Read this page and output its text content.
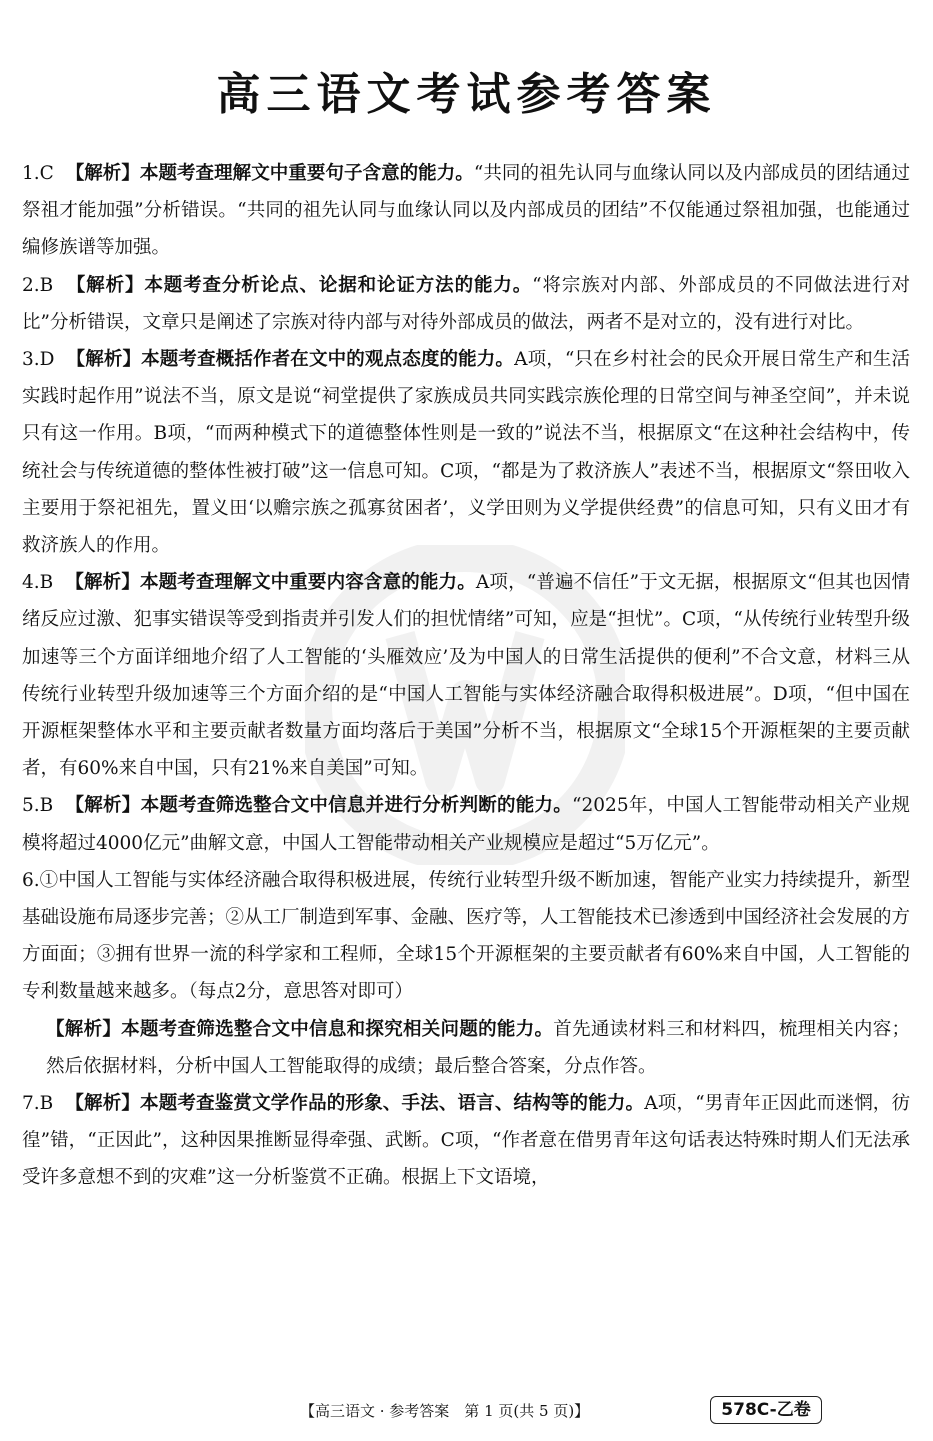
高三语文考试参考答案

1.C 【解析】本题考查理解文中重要句子含意的能力。“共同的祖先认同与血缘认同以及内部成员的团结通过祭祖才能加强”分析错误。“共同的祖先认同与血缘认同以及内部成员的团结”不仅能通过祭祖加强，也能通过编修族谱等加强。

2.B 【解析】本题考查分析论点、论据和论证方法的能力。“将宗族对内部、外部成员的不同做法进行对比”分析错误，文章只是阐述了宗族对待内部与对待外部成员的做法，两者不是对立的，没有进行对比。

3.D 【解析】本题考查概括作者在文中的观点态度的能力。A项，“只在乡村社会的民众开展日常生产和生活实践时起作用”说法不当，原文是说“祠堂提供了家族成员共同实践宗族伦理的日常空间与神圣空间”，并未说只有这一作用。B项，“而两种模式下的道德整体性则是一致的”说法不当，根据原文“在这种社会结构中，传统社会与传统道德的整体性被打破”这一信息可知。C项，“都是为了救济族人”表述不当，根据原文“祭田收入主要用于祭祀祖先，置义田‘以赡宗族之孤寡贫困者’，义学田则为义学提供经费”的信息可知，只有义田才有救济族人的作用。

4.B 【解析】本题考查理解文中重要内容含意的能力。A项，“普遍不信任”于文无据，根据原文“但其也因情绪反应过激、犯事实错误等受到指责并引发人们的担忧情绪”可知，应是“担忧”。C项，“从传统行业转型升级加速等三个方面详细地介绍了人工智能的‘头雁效应’及为中国人的日常生活提供的便利”不合文意，材料三从传统行业转型升级加速等三个方面介绍的是“中国人工智能与实体经济融合取得积极进展”。D项，“但中国在开源框架整体水平和主要贡献者数量方面均落后于美国”分析不当，根据原文“全球15个开源框架的主要贡献者，有60%来自中国，只有21%来自美国”可知。

5.B 【解析】本题考查筛选整合文中信息并进行分析判断的能力。“2025年，中国人工智能带动相关产业规模将超过4000亿元”曲解文意，中国人工智能带动相关产业规模应是超过“5万亿元”。

6.①中国人工智能与实体经济融合取得积极进展，传统行业转型升级不断加速，智能产业实力持续提升，新型基础设施布局逐步完善；②从工厂制造到军事、金融、医疗等，人工智能技术已渗透到中国经济社会发展的方方面面；③拥有世界一流的科学家和工程师，全球15个开源框架的主要贡献者有60%来自中国，人工智能的专利数量越来越多。（每点2分，意思答对即可）

【解析】本题考查筛选整合文中信息和探究相关问题的能力。首先通读材料三和材料四，梳理相关内容；然后依据材料，分析中国人工智能取得的成绩；最后整合答案，分点作答。

7.B 【解析】本题考查鉴赏文学作品的形象、手法、语言、结构等的能力。A项，“男青年正因此而迷惘，彷徨”错，“正因此”，这种因果推断显得牵强、武断。C项，“作者意在借男青年这句话表达特殊时期人们无法承受许多意想不到的灾难”这一分析鉴赏不正确。根据上下文语境，

【高三语文 · 参考答案　第 1 页(共 5 页)】	578C-乙卷
